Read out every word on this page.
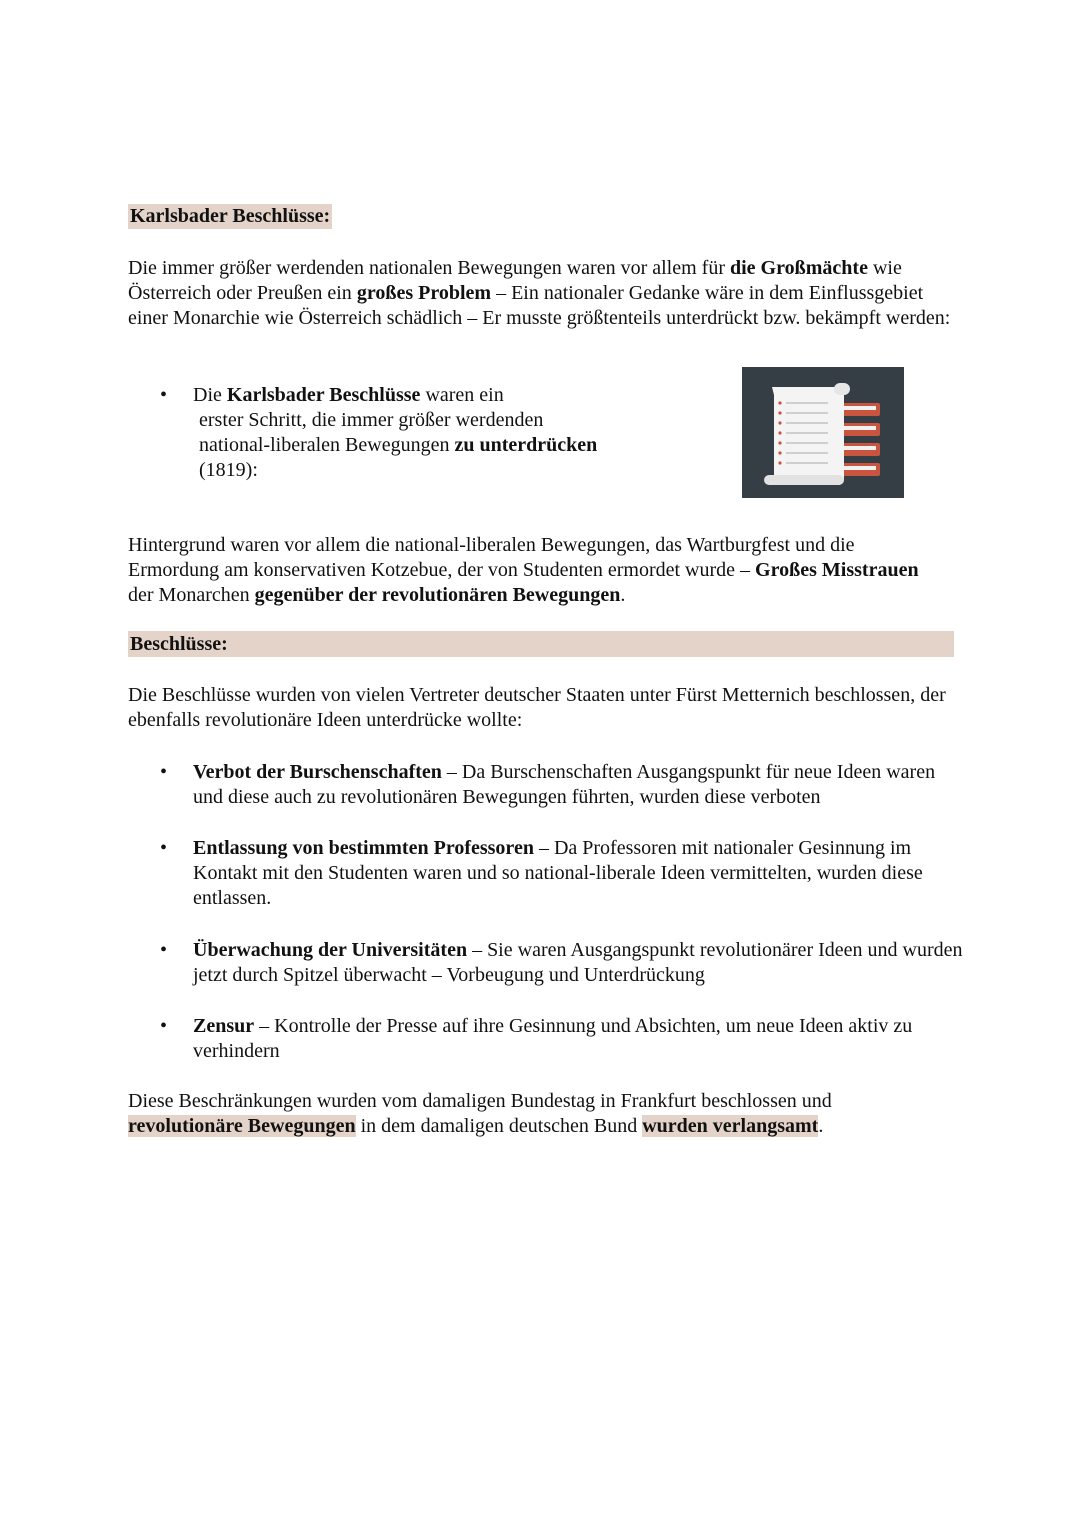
Karlsbader Beschlüsse:
Die immer größer werdenden nationalen Bewegungen waren vor allem für die Großmächte wie Österreich oder Preußen ein großes Problem – Ein nationaler Gedanke wäre in dem Einflussgebiet einer Monarchie wie Österreich schädlich – Er musste größtenteils unterdrückt bzw. bekämpft werden:
•	Die Karlsbader Beschlüsse waren ein
erster Schritt, die immer größer werdenden
national-liberalen Bewegungen zu unterdrücken
(1819):
Hintergrund waren vor allem die national-liberalen Bewegungen, das Wartburgfest und die Ermordung am konservativen Kotzebue, der von Studenten ermordet wurde – Großes Misstrauen der Monarchen gegenüber der revolutionären Bewegungen.
Beschlüsse:
Die Beschlüsse wurden von vielen Vertreter deutscher Staaten unter Fürst Metternich beschlossen, der ebenfalls revolutionäre Ideen unterdrücke wollte:
• Verbot der Burschenschaften – Da Burschenschaften Ausgangspunkt für neue Ideen waren und diese auch zu revolutionären Bewegungen führten, wurden diese verboten
• Entlassung von bestimmten Professoren – Da Professoren mit nationaler Gesinnung im Kontakt mit den Studenten waren und so national-liberale Ideen vermittelten, wurden diese entlassen.
• Überwachung der Universitäten – Sie waren Ausgangspunkt revolutionärer Ideen und wurden jetzt durch Spitzel überwacht – Vorbeugung und Unterdrückung
• Zensur – Kontrolle der Presse auf ihre Gesinnung und Absichten, um neue Ideen aktiv zu verhindern
Diese Beschränkungen wurden vom damaligen Bundestag in Frankfurt beschlossen und revolutionäre Bewegungen in dem damaligen deutschen Bund wurden verlangsamt.
